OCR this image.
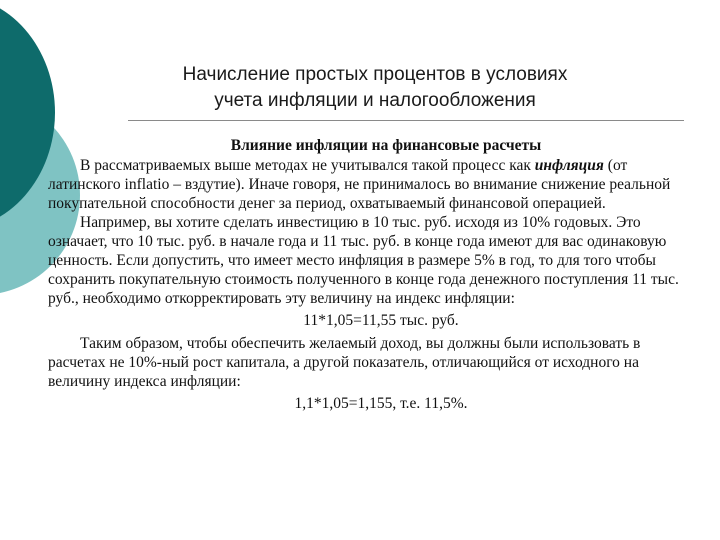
Начисление простых процентов в условиях
учета инфляции и налогообложения

Влияние инфляции на финансовые расчеты

В рассматриваемых выше методах не учитывался такой процесс как инфляция (от латинского inflatio – вздутие). Иначе говоря, не принималось во внимание снижение реальной покупательной способности денег за период, охватываемый финансовой операцией.

Например, вы хотите сделать инвестицию в 10 тыс. руб. исходя из 10% годовых. Это означает, что 10 тыс. руб. в начале года и 11 тыс. руб. в конце года имеют для вас одинаковую ценность. Если допустить, что имеет место инфляция в размере 5% в год, то для того чтобы сохранить покупательную стоимость полученного в конце года денежного поступления 11 тыс. руб., необходимо откорректировать эту величину на индекс инфляции:

11*1,05=11,55 тыс. руб.

Таким образом, чтобы обеспечить желаемый доход, вы должны были использовать в расчетах не 10%-ный рост капитала, а другой показатель, отличающийся от исходного на величину индекса инфляции:

1,1*1,05=1,155, т.е. 11,5%.
